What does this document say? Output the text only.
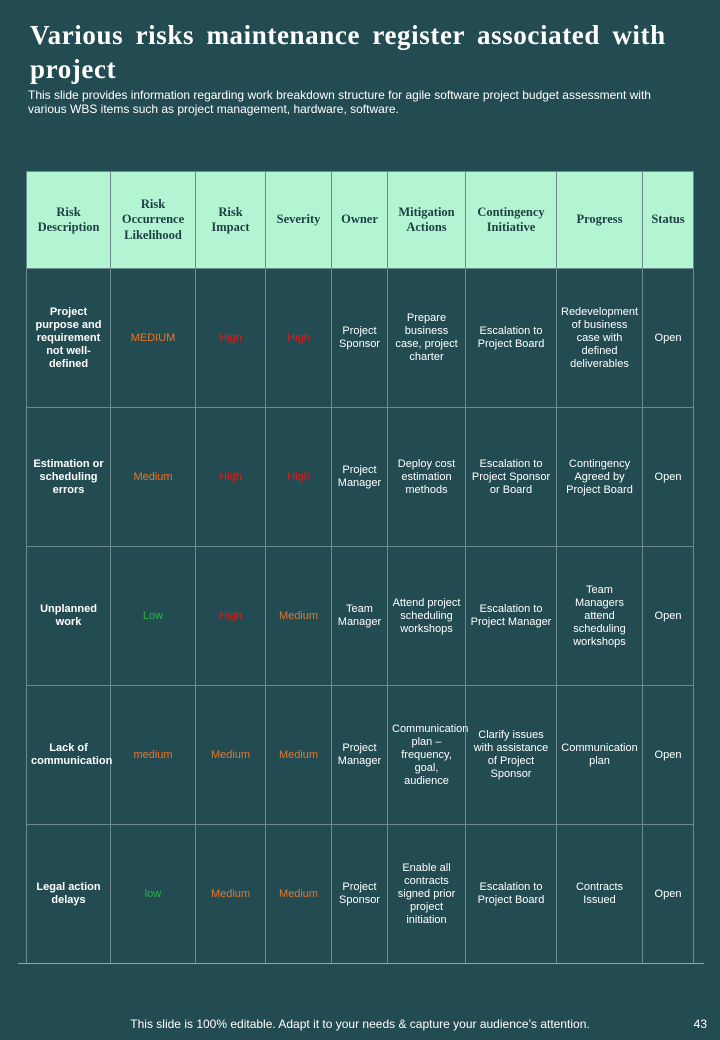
Various risks maintenance register associated with project

This slide provides information regarding work breakdown structure for agile software project budget assessment with various WBS items such as project management, hardware, software.

Risk Description	Risk Occurrence Likelihood	Risk Impact	Severity	Owner	Mitigation Actions	Contingency Initiative	Progress	Status
Project purpose and requirement not well-defined	MEDIUM	High	High	Project Sponsor	Prepare business case, project charter	Escalation to Project Board	Redevelopment of business case with defined deliverables	Open
Estimation or scheduling errors	Medium	High	High	Project Manager	Deploy cost estimation methods	Escalation to Project Sponsor or Board	Contingency Agreed by Project Board	Open
Unplanned work	Low	High	Medium	Team Manager	Attend project scheduling workshops	Escalation to Project Manager	Team Managers attend scheduling workshops	Open
Lack of communication	medium	Medium	Medium	Project Manager	Communication plan – frequency, goal, audience	Clarify issues with assistance of Project Sponsor	Communication plan	Open
Legal action delays	low	Medium	Medium	Project Sponsor	Enable all contracts signed prior project initiation	Escalation to Project Board	Contracts Issued	Open

This slide is 100% editable. Adapt it to your needs & capture your audience’s attention.	43
